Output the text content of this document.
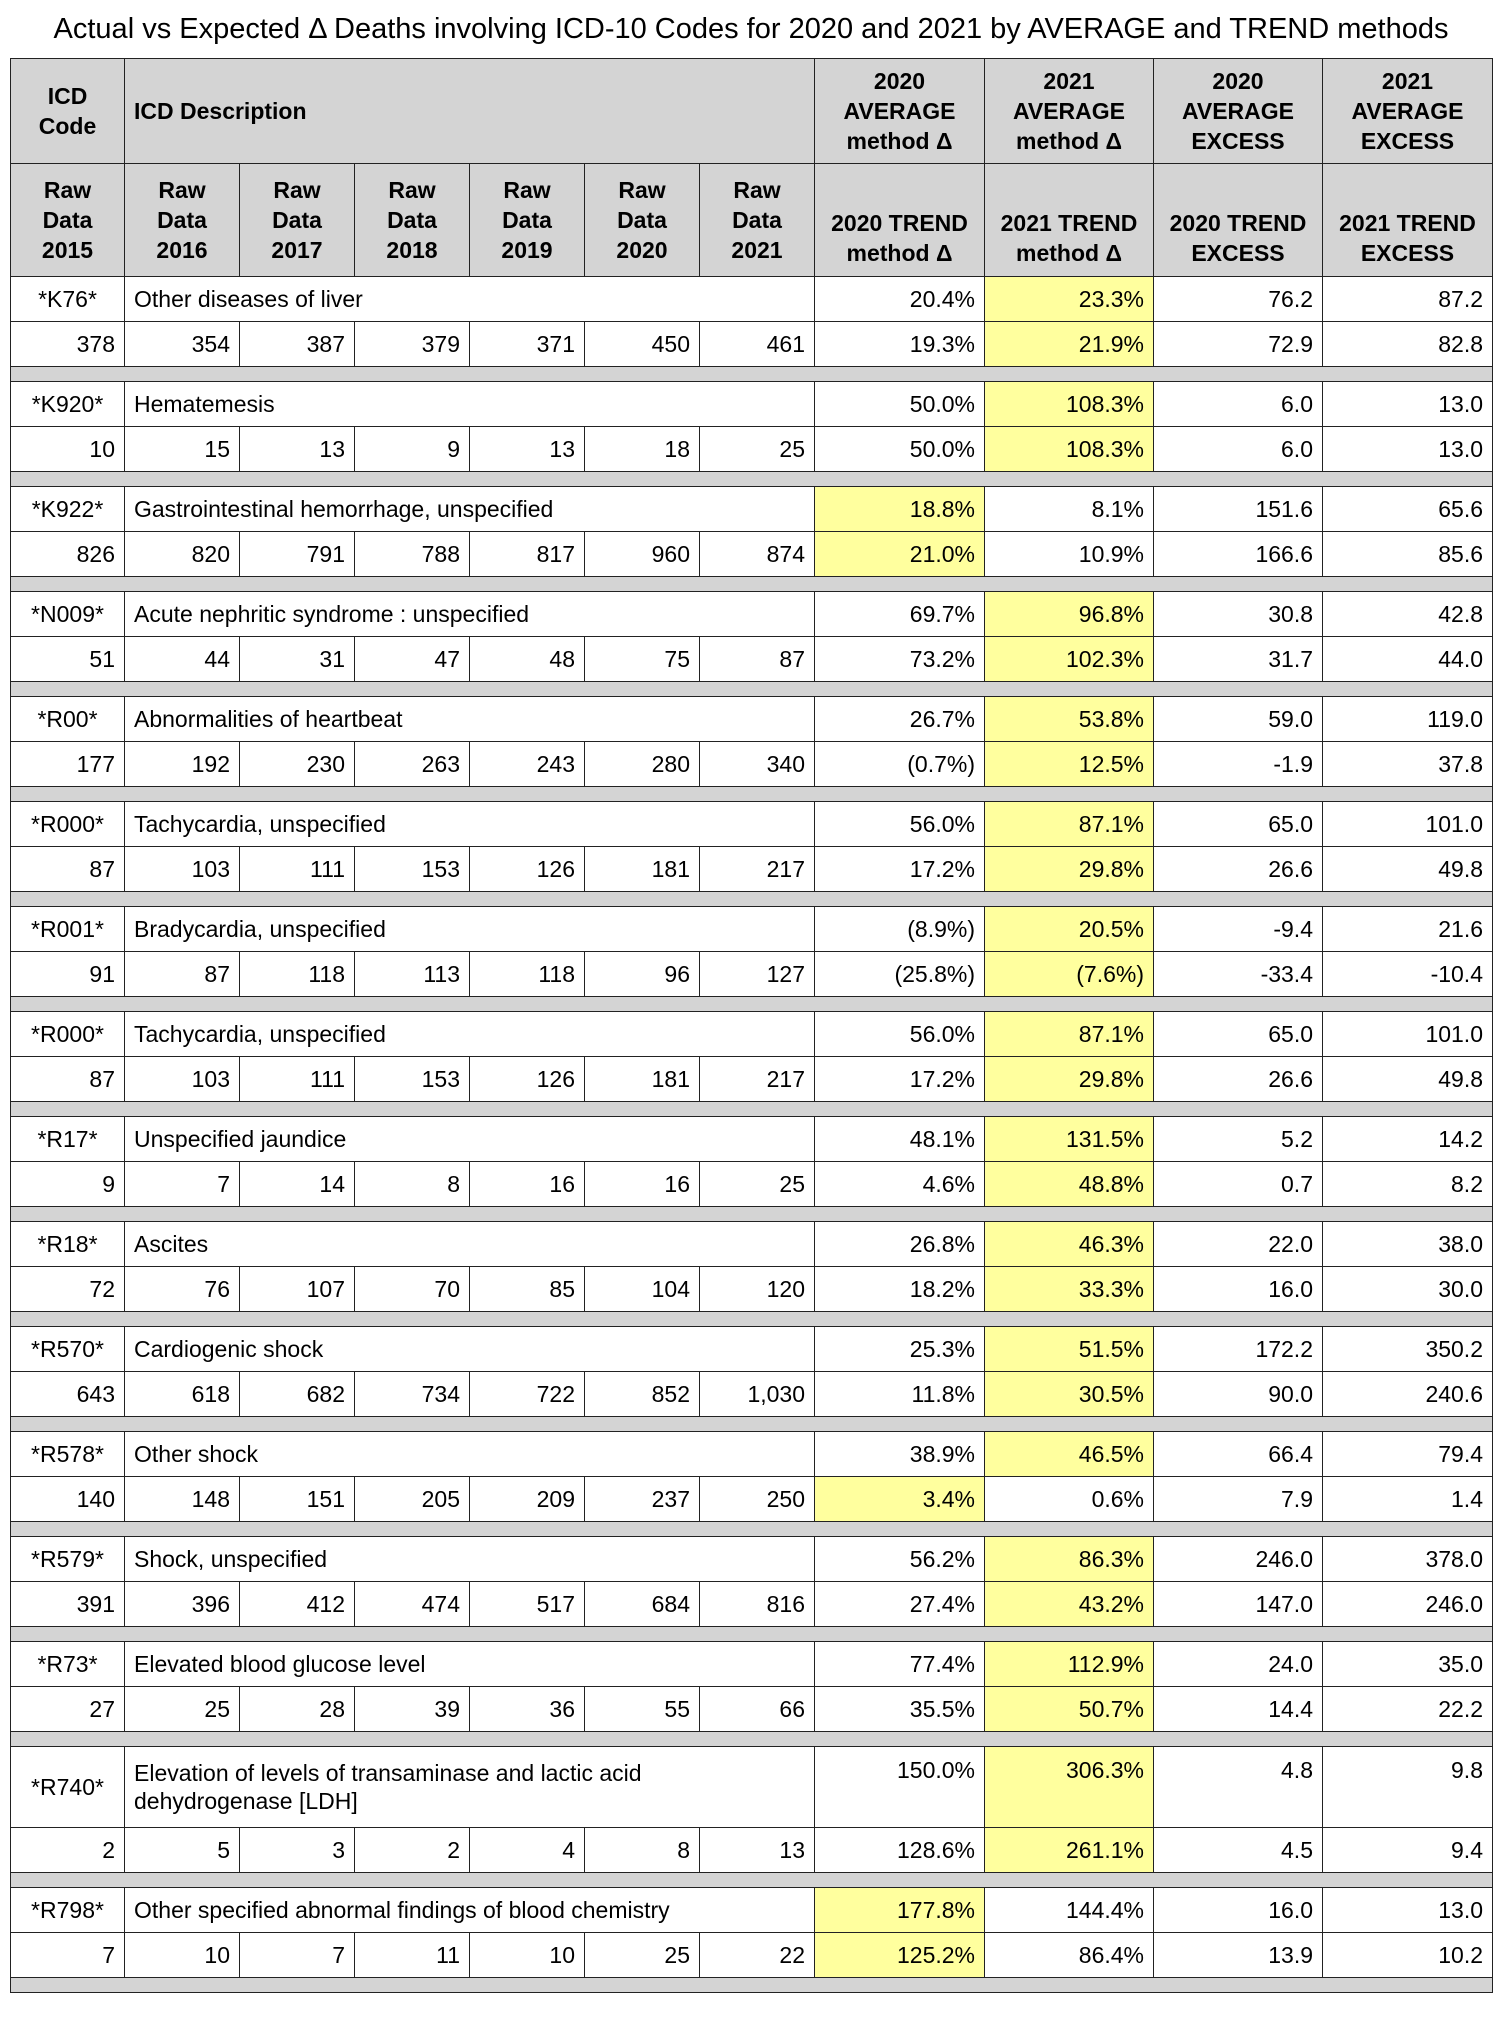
Actual vs Expected Δ Deaths involving ICD-10 Codes for 2020 and 2021 by AVERAGE and TREND methods
ICD Code	ICD Description						2020 AVERAGE method Δ	2021 AVERAGE method Δ	2020 AVERAGE EXCESS	2021 AVERAGE EXCESS
Raw Data 2015	Raw Data 2016	Raw Data 2017	Raw Data 2018	Raw Data 2019	Raw Data 2020	Raw Data 2021	2020 TREND method Δ	2021 TREND method Δ	2020 TREND EXCESS	2021 TREND EXCESS
*K76*	Other diseases of liver						20.4%	23.3%	76.2	87.2
378	354	387	379	371	450	461	19.3%	21.9%	72.9	82.8

*K920*	Hematemesis						50.0%	108.3%	6.0	13.0
10	15	13	9	13	18	25	50.0%	108.3%	6.0	13.0

*K922*	Gastrointestinal hemorrhage, unspecified						18.8%	8.1%	151.6	65.6
826	820	791	788	817	960	874	21.0%	10.9%	166.6	85.6

*N009*	Acute nephritic syndrome : unspecified						69.7%	96.8%	30.8	42.8
51	44	31	47	48	75	87	73.2%	102.3%	31.7	44.0

*R00*	Abnormalities of heartbeat						26.7%	53.8%	59.0	119.0
177	192	230	263	243	280	340	(0.7%)	12.5%	-1.9	37.8

*R000*	Tachycardia, unspecified						56.0%	87.1%	65.0	101.0
87	103	111	153	126	181	217	17.2%	29.8%	26.6	49.8

*R001*	Bradycardia, unspecified						(8.9%)	20.5%	-9.4	21.6
91	87	118	113	118	96	127	(25.8%)	(7.6%)	-33.4	-10.4

*R000*	Tachycardia, unspecified						56.0%	87.1%	65.0	101.0
87	103	111	153	126	181	217	17.2%	29.8%	26.6	49.8

*R17*	Unspecified jaundice						48.1%	131.5%	5.2	14.2
9	7	14	8	16	16	25	4.6%	48.8%	0.7	8.2

*R18*	Ascites						26.8%	46.3%	22.0	38.0
72	76	107	70	85	104	120	18.2%	33.3%	16.0	30.0

*R570*	Cardiogenic shock						25.3%	51.5%	172.2	350.2
643	618	682	734	722	852	1,030	11.8%	30.5%	90.0	240.6

*R578*	Other shock						38.9%	46.5%	66.4	79.4
140	148	151	205	209	237	250	3.4%	0.6%	7.9	1.4

*R579*	Shock, unspecified						56.2%	86.3%	246.0	378.0
391	396	412	474	517	684	816	27.4%	43.2%	147.0	246.0

*R73*	Elevated blood glucose level						77.4%	112.9%	24.0	35.0
27	25	28	39	36	55	66	35.5%	50.7%	14.4	22.2

*R740*	Elevation of levels of transaminase and lactic acid dehydrogenase [LDH]						150.0%	306.3%	4.8	9.8
2	5	3	2	4	8	13	128.6%	261.1%	4.5	9.4

*R798*	Other specified abnormal findings of blood chemistry						177.8%	144.4%	16.0	13.0
7	10	7	11	10	25	22	125.2%	86.4%	13.9	10.2
